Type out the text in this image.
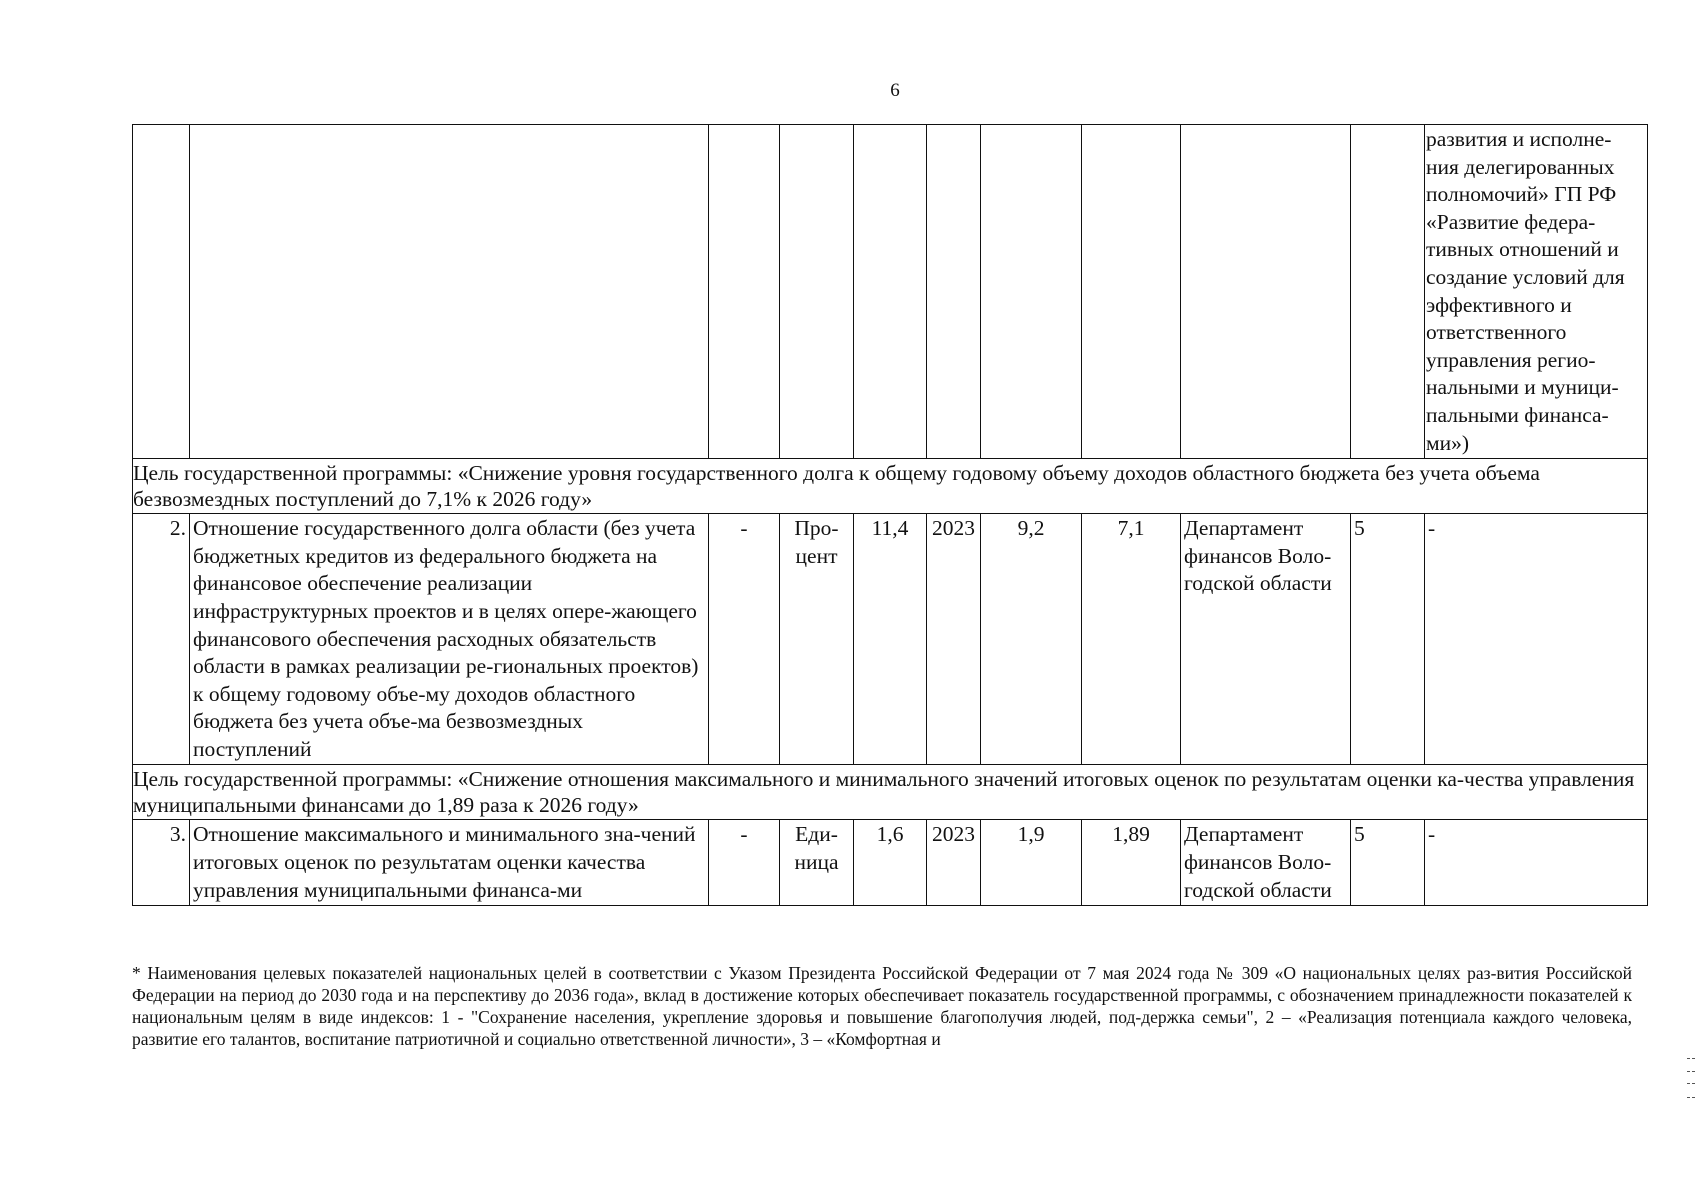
6
										развития и исполне-ния делегированных полномочий» ГП РФ «Развитие федера-тивных отношений и создание условий для эффективного и ответственного управления регио-нальными и муници-пальными финанса-ми»)
Цель государственной программы: «Снижение уровня государственного долга к общему годовому объему доходов областного бюджета без учета объема безвозмездных поступлений до 7,1% к 2026 году»										
2.	Отношение государственного долга области (без учета бюджетных кредитов из федерального бюджета на финансовое обеспечение реализации инфраструктурных проектов и в целях опере-жающего финансового обеспечения расходных обязательств области в рамках реализации ре-гиональных проектов) к общему годовому объе-му доходов областного бюджета без учета объе-ма безвозмездных поступлений	-	Про-цент	11,4	2023	9,2	7,1	Департамент финансов Воло-годской области	5	-
Цель государственной программы: «Снижение отношения максимального и минимального значений итоговых оценок по результатам оценки ка-чества управления муниципальными финансами до 1,89 раза к 2026 году»										
3.	Отношение максимального и минимального зна-чений итоговых оценок по результатам оценки качества управления муниципальными финанса-ми	-	Еди-ница	1,6	2023	1,9	1,89	Департамент финансов Воло-годской области	5	-
* Наименования целевых показателей национальных целей в соответствии с Указом Президента Российской Федерации от 7 мая 2024 года № 309 «О национальных целях раз-вития Российской Федерации на период до 2030 года и на перспективу до 2036 года», вклад в достижение которых обеспечивает показатель государственной программы, с обозначением принадлежности показателей к национальным целям в виде индексов: 1 - "Сохранение населения, укрепление здоровья и повышение благополучия людей, под-держка семьи", 2 – «Реализация потенциала каждого человека, развитие его талантов, воспитание патриотичной и социально ответственной личности», 3 – «Комфортная и
